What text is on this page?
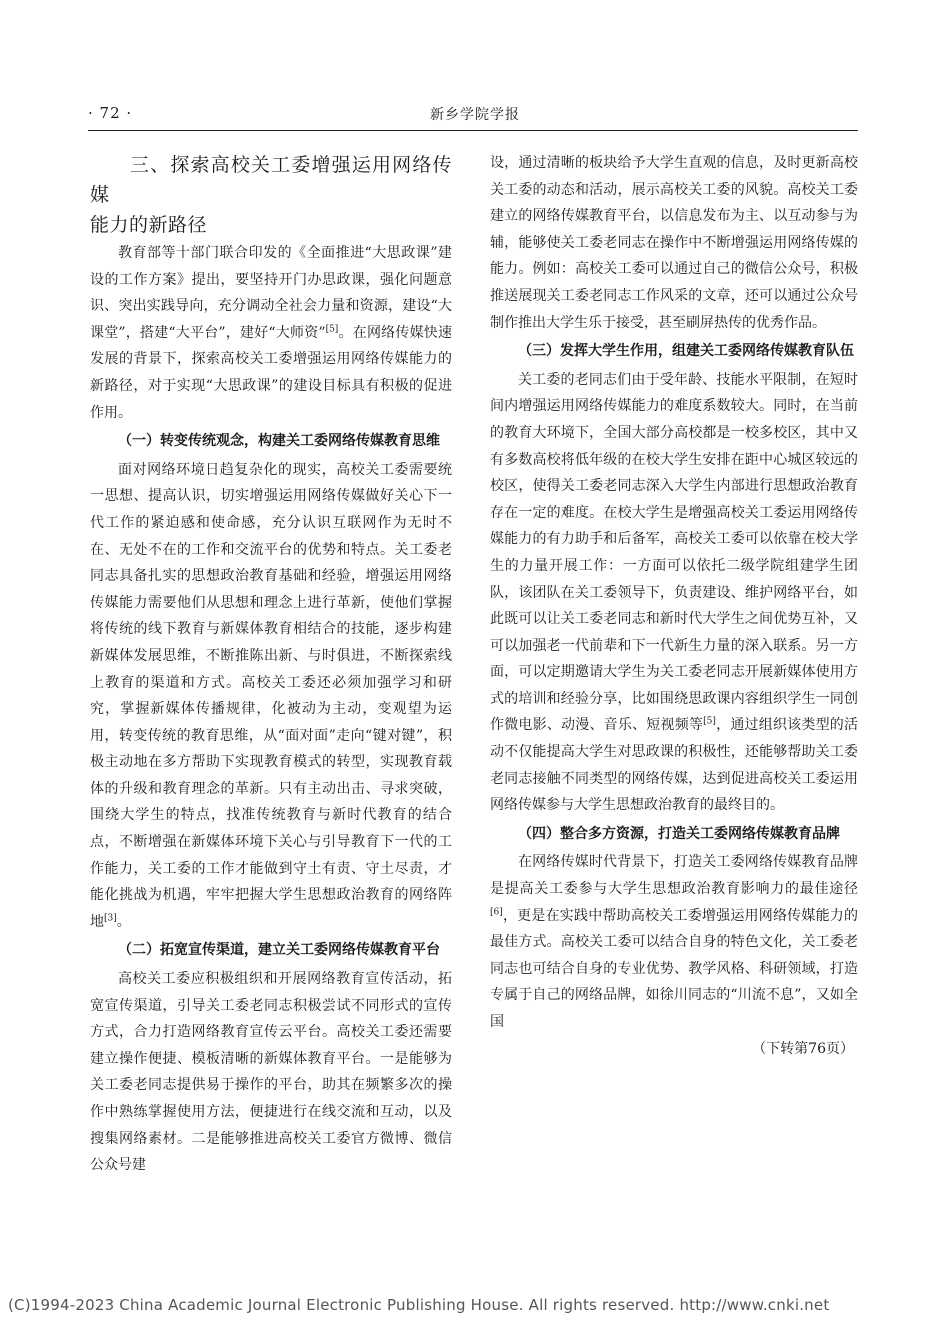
· 72 ·	新乡学院学报

三、探索高校关工委增强运用网络传媒
能力的新路径

教育部等十部门联合印发的《全面推进“大思政课”建设的工作方案》提出，要坚持开门办思政课，强化问题意识、突出实践导向，充分调动全社会力量和资源，建设“大课堂”，搭建“大平台”，建好“大师资”[5]。在网络传媒快速发展的背景下，探索高校关工委增强运用网络传媒能力的新路径，对于实现“大思政课”的建设目标具有积极的促进作用。

（一）转变传统观念，构建关工委网络传媒教育思维

面对网络环境日趋复杂化的现实，高校关工委需要统一思想、提高认识，切实增强运用网络传媒做好关心下一代工作的紧迫感和使命感，充分认识互联网作为无时不在、无处不在的工作和交流平台的优势和特点。关工委老同志具备扎实的思想政治教育基础和经验，增强运用网络传媒能力需要他们从思想和理念上进行革新，使他们掌握将传统的线下教育与新媒体教育相结合的技能，逐步构建新媒体发展思维，不断推陈出新、与时俱进，不断探索线上教育的渠道和方式。高校关工委还必须加强学习和研究，掌握新媒体传播规律，化被动为主动，变观望为运用，转变传统的教育思维，从“面对面”走向“键对键”，积极主动地在多方帮助下实现教育模式的转型，实现教育载体的升级和教育理念的革新。只有主动出击、寻求突破，围绕大学生的特点，找准传统教育与新时代教育的结合点，不断增强在新媒体环境下关心与引导教育下一代的工作能力，关工委的工作才能做到守土有责、守土尽责，才能化挑战为机遇，牢牢把握大学生思想政治教育的网络阵地[3]。

（二）拓宽宣传渠道，建立关工委网络传媒教育平台

高校关工委应积极组织和开展网络教育宣传活动，拓宽宣传渠道，引导关工委老同志积极尝试不同形式的宣传方式，合力打造网络教育宣传云平台。高校关工委还需要建立操作便捷、模板清晰的新媒体教育平台。一是能够为关工委老同志提供易于操作的平台，助其在频繁多次的操作中熟练掌握使用方法，便捷进行在线交流和互动，以及搜集网络素材。二是能够推进高校关工委官方微博、微信公众号建

设，通过清晰的板块给予大学生直观的信息，及时更新高校关工委的动态和活动，展示高校关工委的风貌。高校关工委建立的网络传媒教育平台，以信息发布为主、以互动参与为辅，能够使关工委老同志在操作中不断增强运用网络传媒的能力。例如：高校关工委可以通过自己的微信公众号，积极推送展现关工委老同志工作风采的文章，还可以通过公众号制作推出大学生乐于接受，甚至刷屏热传的优秀作品。

（三）发挥大学生作用，组建关工委网络传媒教育队伍

关工委的老同志们由于受年龄、技能水平限制，在短时间内增强运用网络传媒能力的难度系数较大。同时，在当前的教育大环境下，全国大部分高校都是一校多校区，其中又有多数高校将低年级的在校大学生安排在距中心城区较远的校区，使得关工委老同志深入大学生内部进行思想政治教育存在一定的难度。在校大学生是增强高校关工委运用网络传媒能力的有力助手和后备军，高校关工委可以依靠在校大学生的力量开展工作：一方面可以依托二级学院组建学生团队，该团队在关工委领导下，负责建设、维护网络平台，如此既可以让关工委老同志和新时代大学生之间优势互补，又可以加强老一代前辈和下一代新生力量的深入联系。另一方面，可以定期邀请大学生为关工委老同志开展新媒体使用方式的培训和经验分享，比如围绕思政课内容组织学生一同创作微电影、动漫、音乐、短视频等[5]，通过组织该类型的活动不仅能提高大学生对思政课的积极性，还能够帮助关工委老同志接触不同类型的网络传媒，达到促进高校关工委运用网络传媒参与大学生思想政治教育的最终目的。

（四）整合多方资源，打造关工委网络传媒教育品牌

在网络传媒时代背景下，打造关工委网络传媒教育品牌是提高关工委参与大学生思想政治教育影响力的最佳途径[6]，更是在实践中帮助高校关工委增强运用网络传媒能力的最佳方式。高校关工委可以结合自身的特色文化，关工委老同志也可结合自身的专业优势、教学风格、科研领域，打造专属于自己的网络品牌，如徐川同志的“川流不息”，又如全国

（下转第76页）

(C)1994-2023 China Academic Journal Electronic Publishing House. All rights reserved. http://www.cnki.net
